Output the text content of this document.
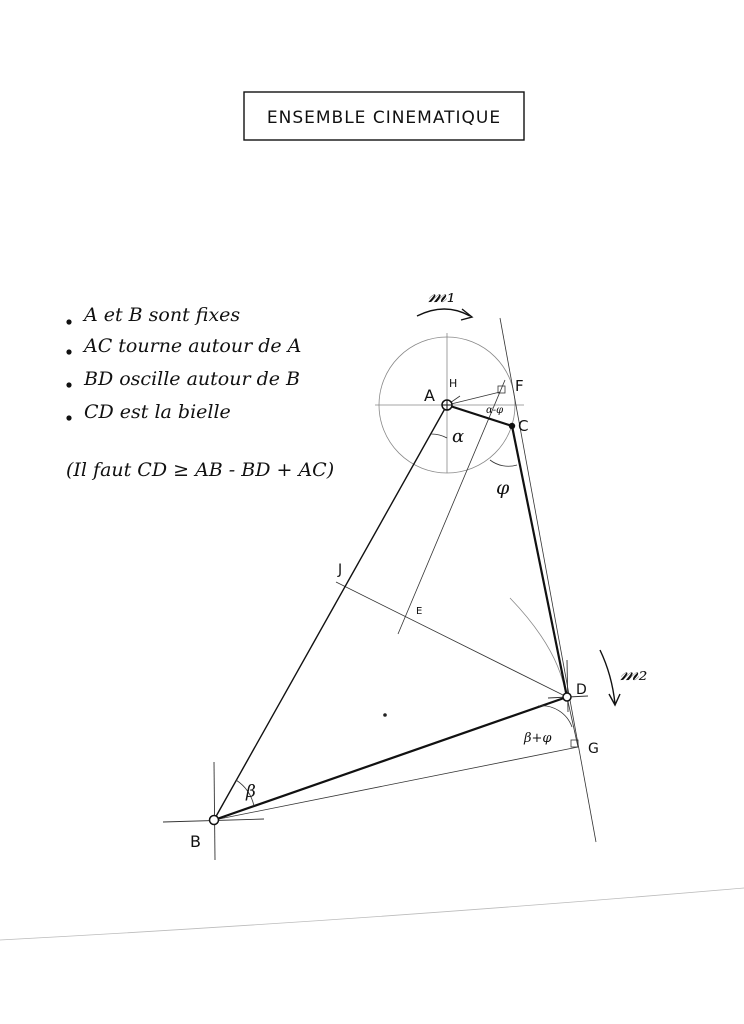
ENSEMBLE CINEMATIQUE
A et B sont fixes
AC tourne autour de A
BD oscille autour de B
CD est la bielle
(Il faut CD ≥ AB - BD + AC)
A
B
C
D
E
F
G
H
J
α
φ
β
α-φ
β+φ
𝓂₁
𝓂₂
